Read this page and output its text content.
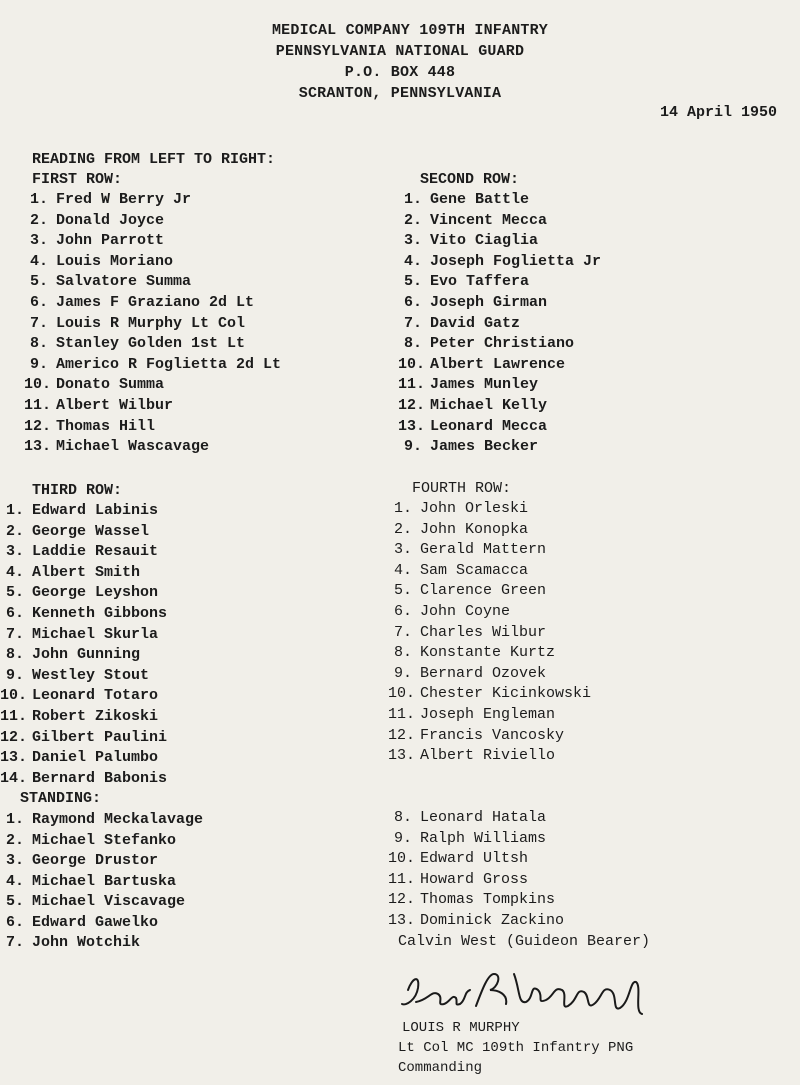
MEDICAL COMPANY 109TH INFANTRY
PENNSYLVANIA NATIONAL GUARD
P.O. BOX 448
SCRANTON, PENNSYLVANIA
14 April 1950
READING FROM LEFT TO RIGHT:
FIRST ROW:
1. Fred W Berry Jr
2. Donald Joyce
3. John Parrott
4. Louis Moriano
5. Salvatore Summa
6. James F Graziano 2d Lt
7. Louis R Murphy Lt Col
8. Stanley Golden 1st Lt
9. Americo R Foglietta 2d Lt
10. Donato Summa
11. Albert Wilbur
12. Thomas Hill
13. Michael Wascavage
SECOND ROW:
1. Gene Battle
2. Vincent Mecca
3. Vito Ciaglia
4. Joseph Foglietta Jr
5. Evo Taffera
6. Joseph Girman
7. David Gatz
8. Peter Christiano
10. Albert Lawrence
11. James Munley
12. Michael Kelly
13. Leonard Mecca
9. James Becker
THIRD ROW:
1. Edward Labinis
2. George Wassel
3. Laddie Resauit
4. Albert Smith
5. George Leyshon
6. Kenneth Gibbons
7. Michael Skurla
8. John Gunning
9. Westley Stout
10. Leonard Totaro
11. Robert Zikoski
12. Gilbert Paulini
13. Daniel Palumbo
14. Bernard Babonis
STANDING:
1. Raymond Meckalavage
2. Michael Stefanko
3. George Drustor
4. Michael Bartuska
5. Michael Viscavage
6. Edward Gawelko
7. John Wotchik
FOURTH ROW:
1. John Orleski
2. John Konopka
3. Gerald Mattern
4. Sam Scamacca
5. Clarence Green
6. John Coyne
7. Charles Wilbur
8. Konstante Kurtz
9. Bernard Ozovek
10. Chester Kicinkowski
11. Joseph Engleman
12. Francis Vancosky
13. Albert Riviello
8. Leonard Hatala
9. Ralph Williams
10. Edward Ultsh
11. Howard Gross
12. Thomas Tompkins
13. Dominick Zackino
Calvin West (Guideon Bearer)
LOUIS R MURPHY
Lt Col MC 109th Infantry PNG
Commanding
